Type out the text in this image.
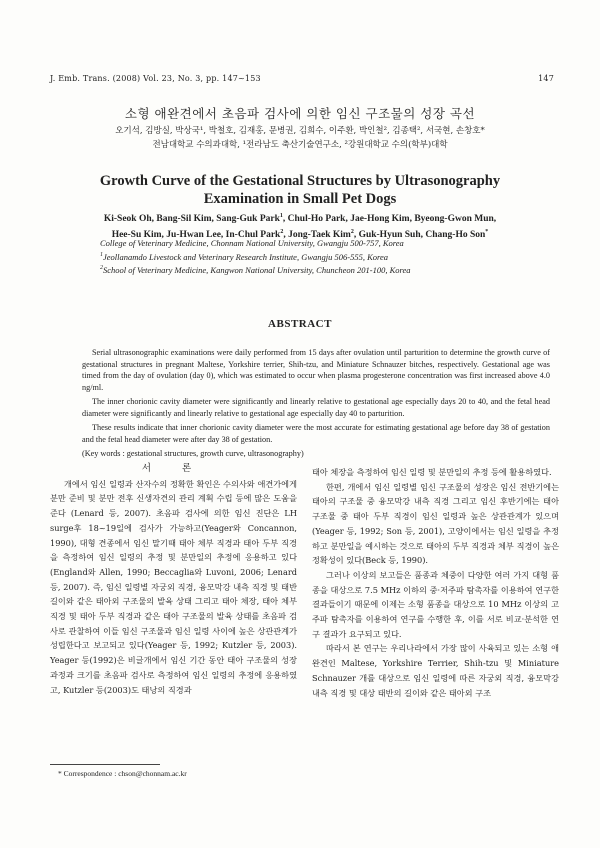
J. Emb. Trans. (2008) Vol. 23, No. 3, pp. 147~153	147
소형 애완견에서 초음파 검사에 의한 임신 구조물의 성장 곡선
오기석, 김방실, 박상국¹, 박철호, 김재홍, 문병권, 김희수, 이주환, 박인철², 김종택², 서국현, 손창호*
전남대학교 수의과대학, ¹전라남도 축산기술연구소, ²강원대학교 수의(학부)대학
Growth Curve of the Gestational Structures by Ultrasonography
Examination in Small Pet Dogs
Ki-Seok Oh, Bang-Sil Kim, Sang-Guk Park$^1$, Chul-Ho Park, Jae-Hong Kim, Byeong-Gwon Mun,
Hee-Su Kim, Ju-Hwan Lee, In-Chul Park$^2$, Jong-Taek Kim$^2$, Guk-Hyun Suh, Chang-Ho Son*
College of Veterinary Medicine, Chonnam National University, Gwangju 500-757, Korea
$^1$Jeollanamdo Livestock and Veterinary Research Institute, Gwangju 506-555, Korea
$^2$School of Veterinary Medicine, Kangwon National University, Chuncheon 201-100, Korea
ABSTRACT

Serial ultrasonographic examinations were daily performed from 15 days after ovulation until parturition to determine the growth curve of gestational structures in pregnant Maltese, Yorkshire terrier, Shih-tzu, and Miniature Schnauzer bitches, respectively. Gestational age was timed from the day of ovulation (day 0), which was estimated to occur when plasma progesterone concentration was first increased above 4.0 ng/ml.

The inner chorionic cavity diameter were significantly and linearly relative to gestational age especially days 20 to 40, and the fetal head diameter were significantly and linearly relative to gestational age especially day 40 to parturition.

These results indicate that inner chorionic cavity diameter were the most accurate for estimating gestational age before day 38 of gestation and the fetal head diameter were after day 38 of gestation.

(Key words : gestational structures, growth curve, ultrasonography)

서 론

개에서 임신 일령과 산자수의 정확한 확인은 수의사와 애견가에게 분만 준비 및 분만 전후 신생자견의 관리 계획 수립 등에 많은 도움을 준다 (Lenard 등, 2007). 초음파 검사에 의한 임신 진단은 LH surge후 18~19일에 검사가 가능하고(Yeager와 Concannon, 1990), 대형 견종에서 임신 말기때 태아 체부 직경과 태아 두부 직경을 측정하여 임신 일령의 추정 및 분만일의 추정에 응용하고 있다(England와 Allen, 1990; Beccaglia와 Luvoni, 2006; Lenard 등, 2007). 즉, 임신 일령별 자궁외 직경, 융모막강 내측 직경 및 태반 길이와 같은 태아외 구조물의 발육 상태 그리고 태아 체장, 태아 체부 직경 및 태아 두부 직경과 같은 태아 구조물의 발육 상태를 초음파 검사로 관찰하여 이들 임신 구조물과 임신 일령 사이에 높은 상관관계가 성립한다고 보고되고 있다(Yeager 등, 1992; Kutzler 등, 2003). Yeager 등(1992)은 비글개에서 임신 기간 동안 태아 구조물의 성장 과정과 크기를 초음파 검사로 측정하여 임신 일령의 추정에 응용하였고, Kutzler 등(2003)도 태낭의 직경과

태아 체장을 측정하여 임신 일령 및 분만일의 추정 등에 활용하였다.

한편, 개에서 임신 일령별 임신 구조물의 성장은 임신 전반기에는 태아의 구조물 중 융모막강 내측 직경 그리고 임신 후반기에는 태아 구조물 중 태아 두부 직경이 임신 일령과 높은 상관관계가 있으며(Yeager 등, 1992; Son 등, 2001), 고양이에서는 임신 일령을 추정하고 분만일을 예시하는 것으로 태아의 두부 직경과 체부 직경이 높은 정확성이 있다(Beck 등, 1990).

그러나 이상의 보고들은 품종과 체중이 다양한 여러 가지 대형 품종을 대상으로 7.5 MHz 이하의 중·저주파 탐촉자를 이용하여 연구한 결과들이기 때문에 이제는 소형 품종을 대상으로 10 MHz 이상의 고주파 탐촉자를 이용하여 연구를 수행한 후, 이를 서로 비교·분석한 연구 결과가 요구되고 있다.

따라서 본 연구는 우리나라에서 가장 많이 사육되고 있는 소형 애완견인 Maltese, Yorkshire Terrier, Shih-tzu 및 Miniature Schnauzer 개를 대상으로 임신 일령에 따른 자궁외 직경, 융모막강 내측 직경 및 대상 태반의 길이와 같은 태아외 구조

* Correspondence : chson@chonnam.ac.kr
